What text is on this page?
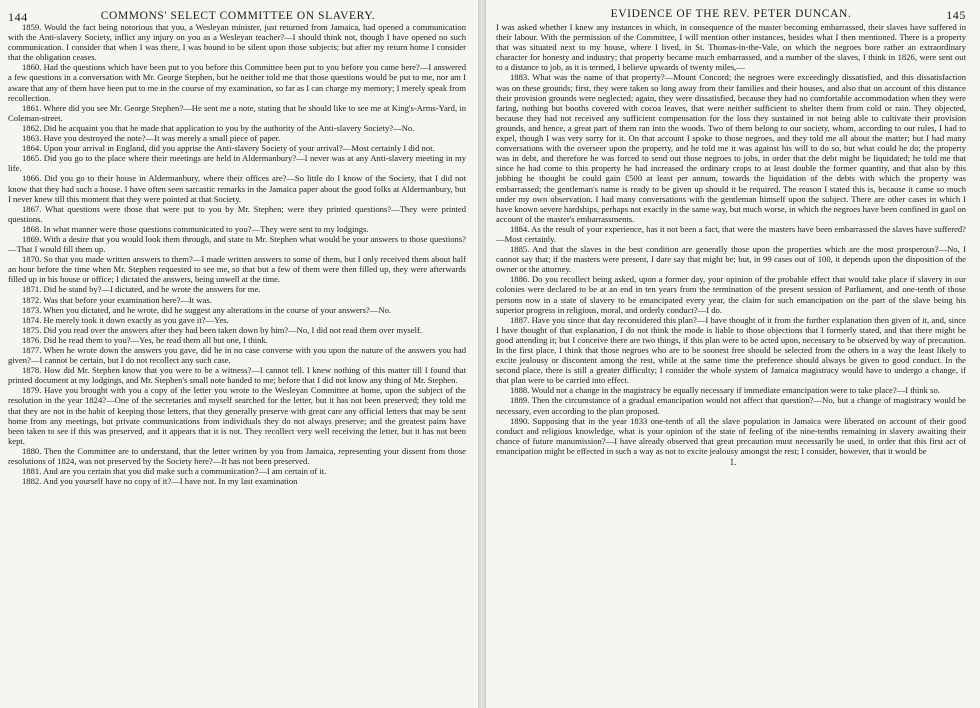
144	COMMONS' SELECT COMMITTEE ON SLAVERY.

1859. Would the fact being notorious that you, a Wesleyan minister, just returned from Jamaica, had opened a communication with the Anti-slavery Society, inflict any injury on you as a Wesleyan teacher?—I should think not, though I have opened no such communication. I consider that when I was there, I was bound to be silent upon those subjects; but after my return home I consider that the obligation ceases.

1860. Had the questions which have been put to you before this Committee been put to you before you came here?—I answered a few questions in a conversation with Mr. George Stephen, but he neither told me that those questions would be put to me, nor am I aware that any of them have been put to me in the course of my examination, so far as I can charge my memory; I merely speak from recollection.

1861. Where did you see Mr. George Stephen?—He sent me a note, stating that he should like to see me at King's-Arms-Yard, in Coleman-street.

1862. Did he acquaint you that he made that application to you by the authority of the Anti-slavery Society?—No.

1863. Have you destroyed the note?—It was merely a small piece of paper.

1864. Upon your arrival in England, did you apprise the Anti-slavery Society of your arrival?—Most certainly I did not.

1865. Did you go to the place where their meetings are held in Aldermanbury?—I never was at any Anti-slavery meeting in my life.

1866. Did you go to their house in Aldermanbury, where their offices are?—So little do I know of the Society, that I did not know that they had such a house. I have often seen sarcastic remarks in the Jamaica paper about the good folks at Aldermanbury, but I never knew till this moment that they were pointed at that Society.

1867. What questions were those that were put to you by Mr. Stephen; were they printed questions?—They were printed questions.

1868. In what manner were those questions communicated to you?—They were sent to my lodgings.

1869. With a desire that you would look them through, and state to Mr. Stephen what would be your answers to those questions?—That I would fill them up.

1870. So that you made written answers to them?—I made written answers to some of them, but I only received them about half an hour before the time when Mr. Stephen requested to see me, so that but a few of them were then filled up, they were afterwards filled up in his house or office; I dictated the answers, being unwell at the time.

1871. Did he stand by?—I dictated, and he wrote the answers for me.

1872. Was that before your examination here?—It was.

1873. When you dictated, and he wrote, did he suggest any alterations in the course of your answers?—No.

1874. He merely took it down exactly as you gave it?—Yes.

1875. Did you read over the answers after they had been taken down by him?—No, I did not read them over myself.

1876. Did he read them to you?—Yes, he read them all but one, I think.

1877. When he wrote down the answers you gave, did he in no case converse with you upon the nature of the answers you had given?—I cannot be certain, but I do not recollect any such case.

1878. How did Mr. Stephen know that you were to be a witness?—I cannot tell. I knew nothing of this matter till I found that printed document at my lodgings, and Mr. Stephen's small note handed to me; before that I did not know any thing of Mr. Stephen.

1879. Have you brought with you a copy of the letter you wrote to the Wesleyan Committee at home, upon the subject of the resolution in the year 1824?—One of the secretaries and myself searched for the letter, but it has not been preserved; they told me that they are not in the habit of keeping those letters, that they generally preserve with great care any official letters that may be sent home from any meetings, but private communications from individuals they do not always preserve; and the greatest pains have been taken to see if this was preserved, and it appears that it is not. They recollect very well receiving the letter, but it has not been kept.

1880. Then the Committee are to understand, that the letter written by you from Jamaica, representing your dissent from those resolutions of 1824, was not preserved by the Society here?—It has not been preserved.

1881. And are you certain that you did make such a communication?—I am certain of it.

1882. And you yourself have no copy of it?—I have not. In my last examination

EVIDENCE OF THE REV. PETER DUNCAN.	145

I was asked whether I knew any instances in which, in consequence of the master becoming embarrassed, their slaves have suffered in their labour. With the permission of the Committee, I will mention other instances, besides what I then mentioned. There is a property that was situated next to my house, where I lived, in St. Thomas-in-the-Vale, on which the negroes bore rather an extraordinary character for honesty and industry; that property became much embarrassed, and a number of the slaves, I think in 1826, were sent out to a distance to job, as it is termed, I believe upwards of twenty miles,—

1883. What was the name of that property?—Mount Concord; the negroes were exceedingly dissatisfied, and this dissatisfaction was on these grounds; first, they were taken so long away from their families and their houses, and also that on account of this distance their provision grounds were neglected; again, they were dissatisfied, because they had no comfortable accommodation when they were faring, nothing but booths covered with cocoa leaves, that were neither sufficient to shelter them from cold or rain. They objected, because they had not received any sufficient compensation for the loss they sustained in not being able to cultivate their provision grounds, and hence, a great part of them ran into the woods. Two of them belong to our society, whom, according to our rules, I had to expel, though I was very sorry for it. On that account I spoke to those negroes, and they told me all about the matter; but I had many conversations with the overseer upon the property, and he told me it was against his will to do so, but what could he do; the property was in debt, and therefore he was forced to send out those negroes to jobs, in order that the debt might be liquidated; he told me that since he had come to this property he had increased the ordinary crops to at least double the former quantity, and that also by this jobbing he thought he could gain £500 at least per annum, towards the liquidation of the debts with which the property was embarrassed; the gentleman's name is ready to be given up should it be required. The reason I stated this is, because it came so much under my own observation. I had many conversations with the gentleman himself upon the subject. There are other cases in which I have known severe hardships, perhaps not exactly in the same way, but much worse, in which the negroes have been confined in gaol on account of the master's embarrassments.

1884. As the result of your experience, has it not been a fact, that were the masters have been embarrassed the slaves have suffered?—Most certainly.

1885. And that the slaves in the best condition are generally those upon the properties which are the most prosperous?—No, I cannot say that; if the masters were present, I dare say that might be; but, in 99 cases out of 100, it depends upon the disposition of the owner or the attorney.

1886. Do you recollect being asked, upon a former day, your opinion of the probable effect that would take place if slavery in our colonies were declared to be at an end in ten years from the termination of the present session of Parliament, and one-tenth of those persons now in a state of slavery to be emancipated every year, the claim for such emancipation on the part of the slave being his superior progress in religious, moral, and orderly conduct?—I do.

1887. Have you since that day reconsidered this plan?—I have thought of it from the further explanation then given of it, and, since I have thought of that explanation, I do not think the mode is liable to those objections that I formerly stated, and that there might be good attending it; but I conceive there are two things, if this plan were to be acted upon, necessary to be observed by way of precaution. In the first place, I think that those negroes who are to be soonest free should be selected from the others in a way the least likely to excite jealousy or discontent among the rest, while at the same time the preference should always be given to good conduct. In the second place, there is still a greater difficulty; I consider the whole system of Jamaica magistracy would have to undergo a change, if that plan were to be carried into effect.

1888. Would not a change in the magistracy be equally necessary if immediate emancipation were to take place?—I think so.

1889. Then the circumstance of a gradual emancipation would not affect that question?—No, but a change of magistracy would be necessary, even according to the plan proposed.

1890. Supposing that in the year 1833 one-tenth of all the slave population in Jamaica were liberated on account of their good conduct and religious knowledge, what is your opinion of the state of feeling of the nine-tenths remaining in slavery awaiting their chance of future manumission?—I have already observed that great precaution must necessarily be used, in order that this first act of emancipation might be effected in such a way as not to excite jealousy amongst the rest; I consider, however, that it would be

1.
